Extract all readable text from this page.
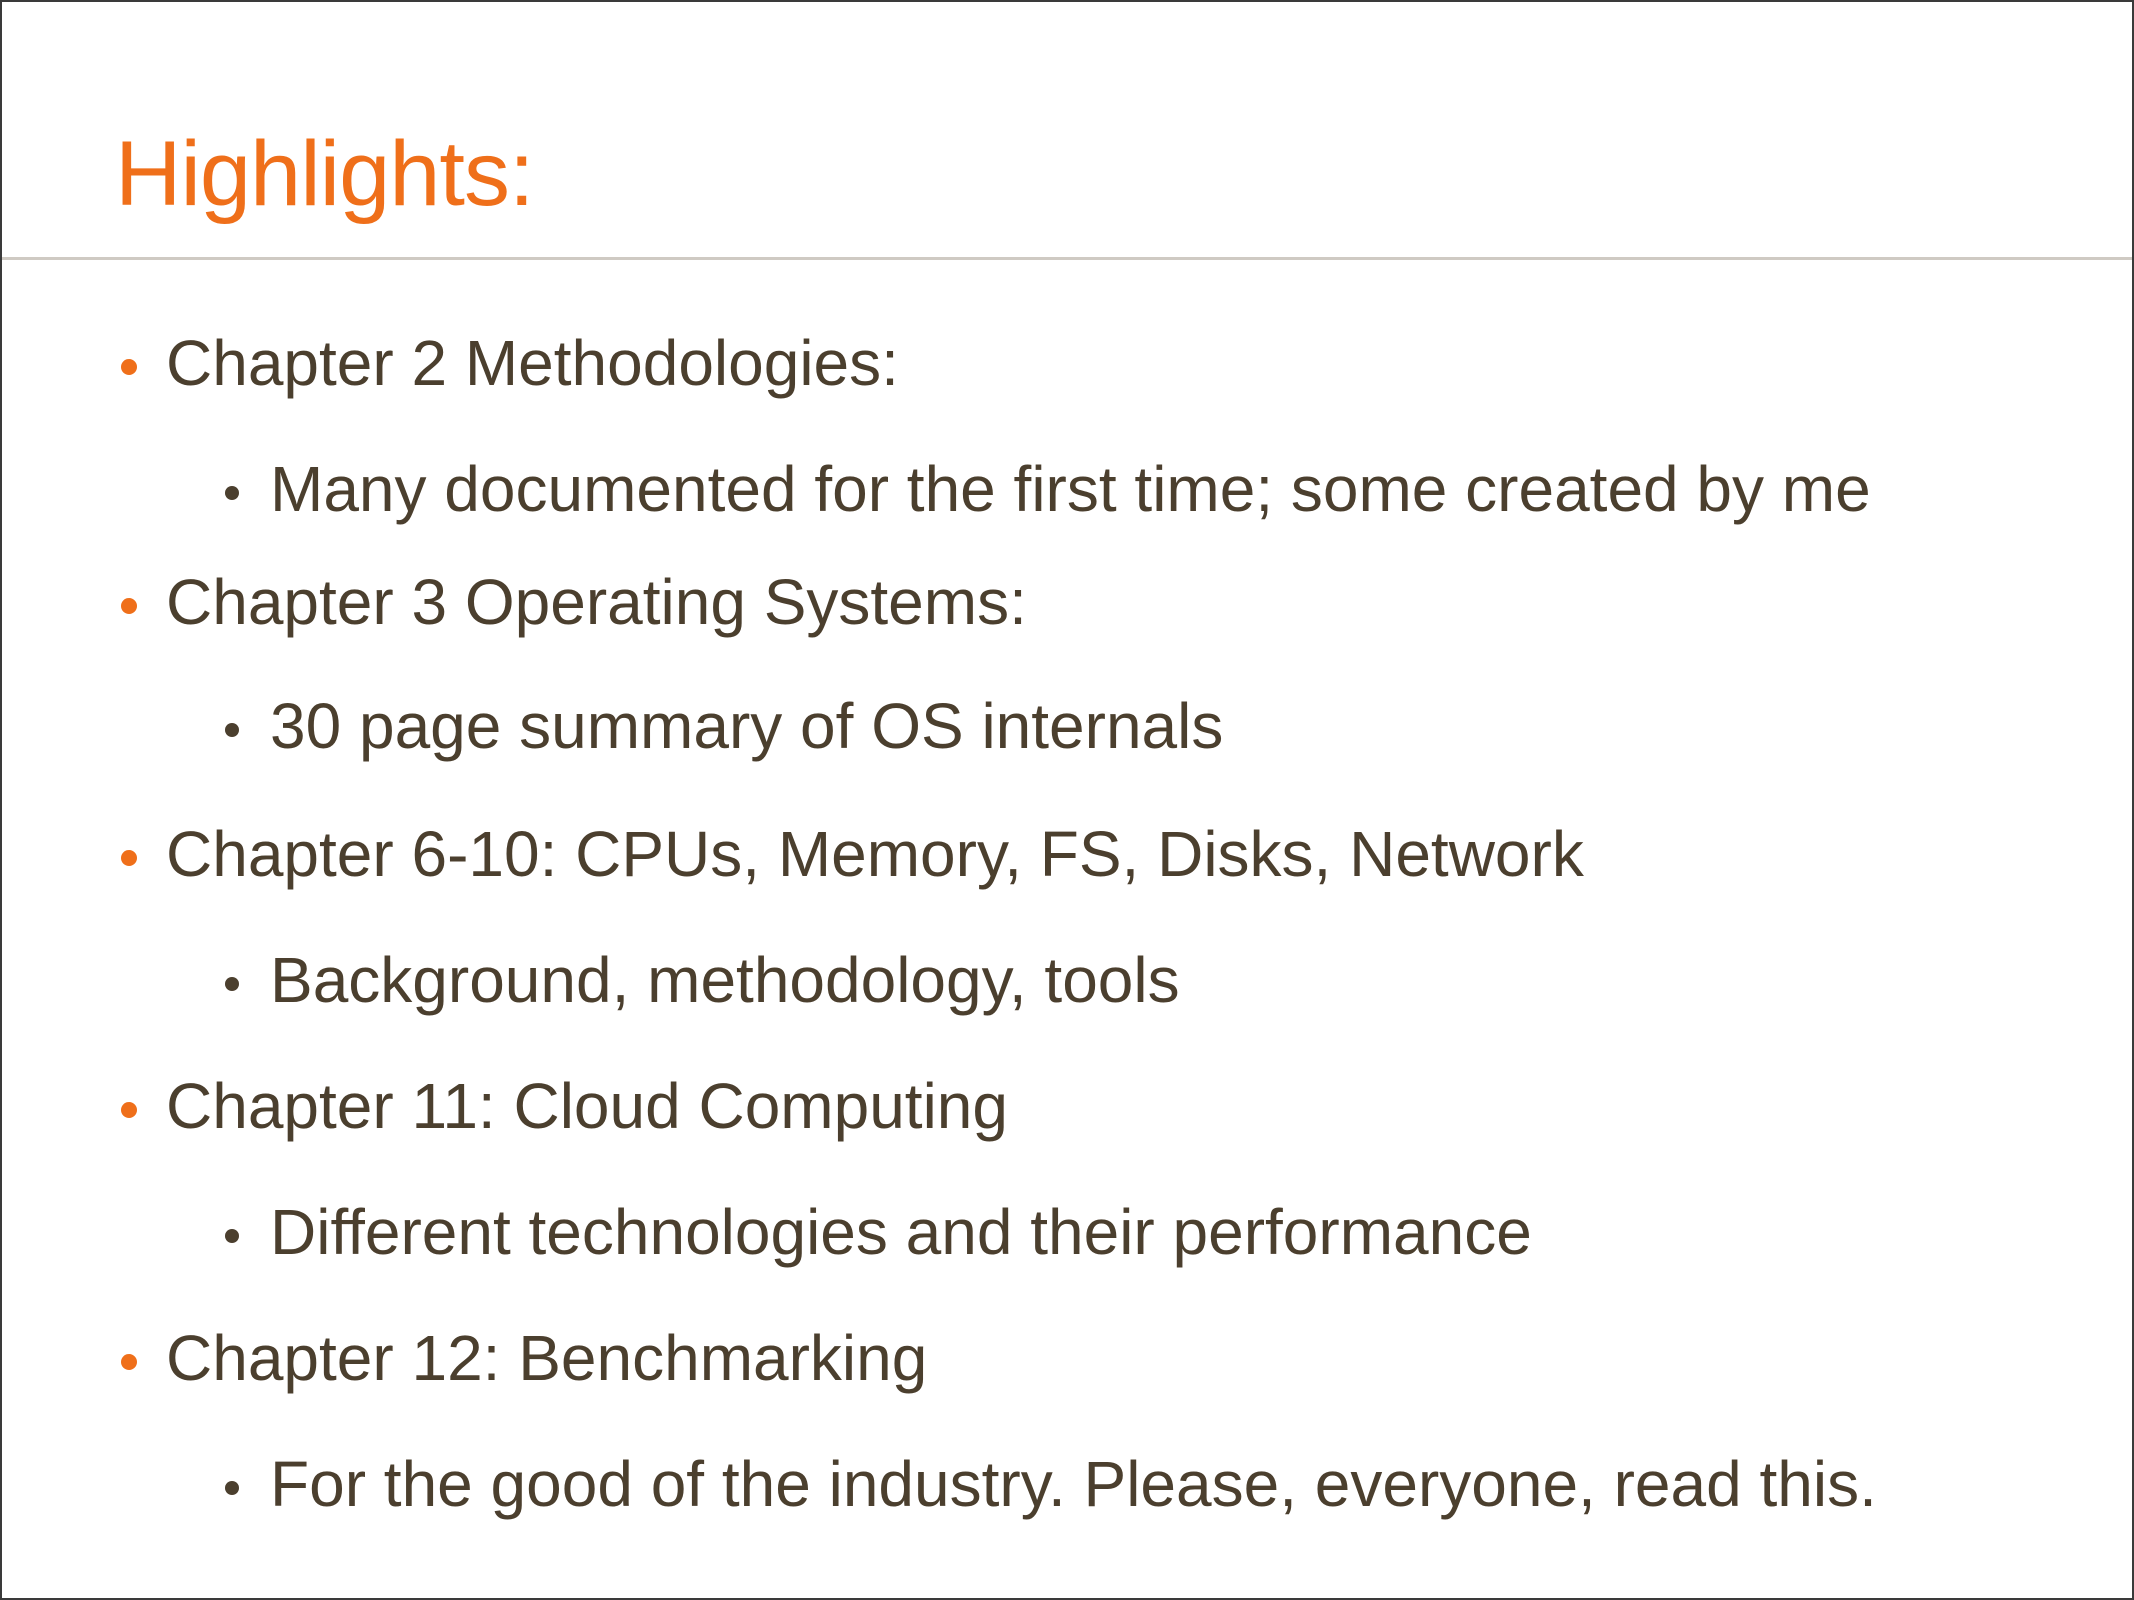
Highlights:
Chapter 2 Methodologies:
Many documented for the first time; some created by me
Chapter 3 Operating Systems:
30 page summary of OS internals
Chapter 6-10: CPUs, Memory, FS, Disks, Network
Background, methodology, tools
Chapter 11: Cloud Computing
Different technologies and their performance
Chapter 12: Benchmarking
For the good of the industry. Please, everyone, read this.
